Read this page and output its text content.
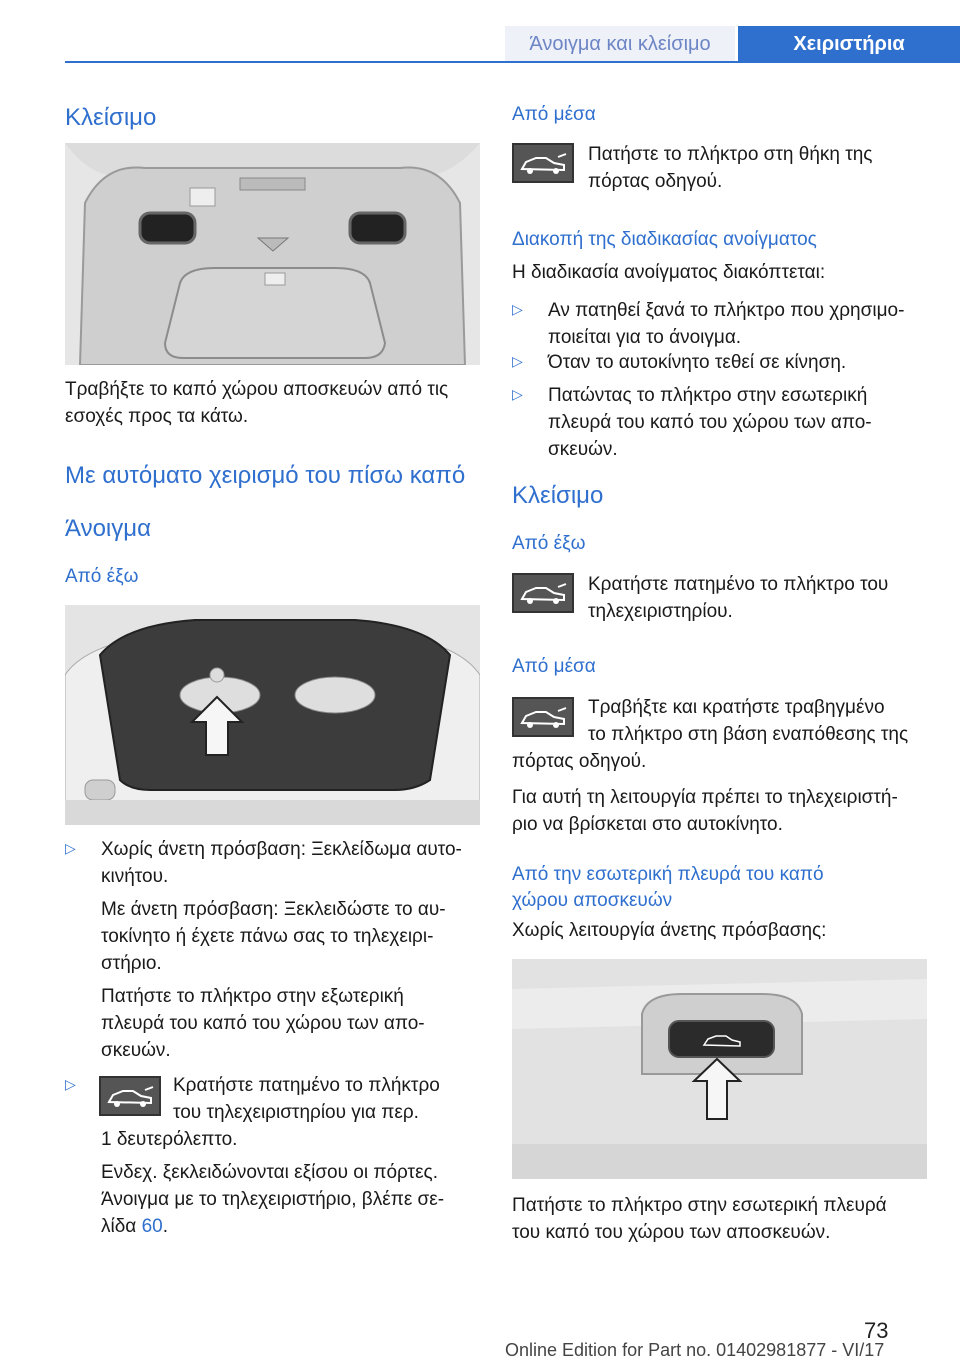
Άνοιγμα και κλείσιμο	Χειριστήρια
Κλείσιμο
Τραβήξτε το καπό χώρου αποσκευών από τις
εσοχές προς τα κάτω.
Με αυτόματο χειρισμό του πίσω καπό
Άνοιγμα
Από έξω
▷ Χωρίς άνετη πρόσβαση: Ξεκλείδωμα αυτο-
κινήτου.
Με άνετη πρόσβαση: Ξεκλειδώστε το αυ-
τοκίνητο ή έχετε πάνω σας το τηλεχειρι-
στήριο.
Πατήστε το πλήκτρο στην εξωτερική
πλευρά του καπό του χώρου των απο-
σκευών.
▷	Κρατήστε πατημένο το πλήκτρο
του τηλεχειριστηρίου για περ.
1 δευτερόλεπτο.
Ενδεχ. ξεκλειδώνονται εξίσου οι πόρτες.
Άνοιγμα με το τηλεχειριστήριο, βλέπε σε-
λίδα 60.
Από μέσα
Πατήστε το πλήκτρο στη θήκη της
πόρτας οδηγού.
Διακοπή της διαδικασίας ανοίγματος
Η διαδικασία ανοίγματος διακόπτεται:
▷ Αν πατηθεί ξανά το πλήκτρο που χρησιμο-
ποιείται για το άνοιγμα.
▷ Όταν το αυτοκίνητο τεθεί σε κίνηση.
▷ Πατώντας το πλήκτρο στην εσωτερική
πλευρά του καπό του χώρου των απο-
σκευών.
Κλείσιμο
Από έξω
Κρατήστε πατημένο το πλήκτρο του
τηλεχειριστηρίου.
Από μέσα
Τραβήξτε και κρατήστε τραβηγμένο
το πλήκτρο στη βάση εναπόθεσης της
πόρτας οδηγού.
Για αυτή τη λειτουργία πρέπει το τηλεχειριστή-
ριο να βρίσκεται στο αυτοκίνητο.
Από την εσωτερική πλευρά του καπό
χώρου αποσκευών
Χωρίς λειτουργία άνετης πρόσβασης:
Πατήστε το πλήκτρο στην εσωτερική πλευρά
του καπό του χώρου των αποσκευών.
73
Online Edition for Part no. 01402981877 - VI/17
